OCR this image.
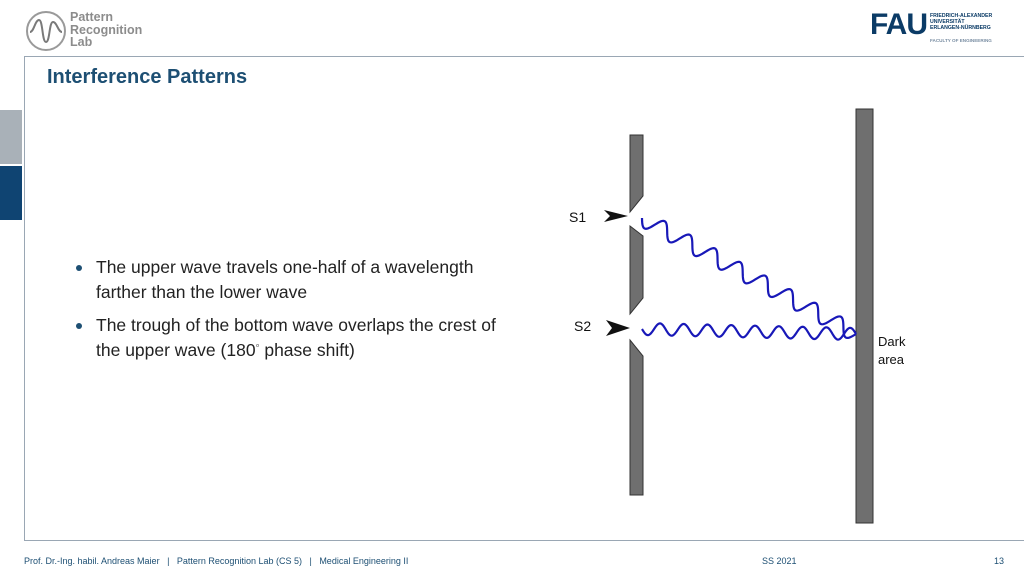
Pattern
Recognition
Lab
FAU FRIEDRICH-ALEXANDER
UNIVERSITÄT
ERLANGEN-NÜRNBERG
FACULTY OF ENGINEERING
Interference Patterns
The upper wave travels one-half of a wavelength farther than the lower wave
The trough of the bottom wave overlaps the crest of the upper wave (180◦ phase shift)
S1
S2
Dark
area
Prof. Dr.-Ing. habil. Andreas Maier   |   Pattern Recognition Lab (CS 5)   |   Medical Engineering II	SS 2021	13
